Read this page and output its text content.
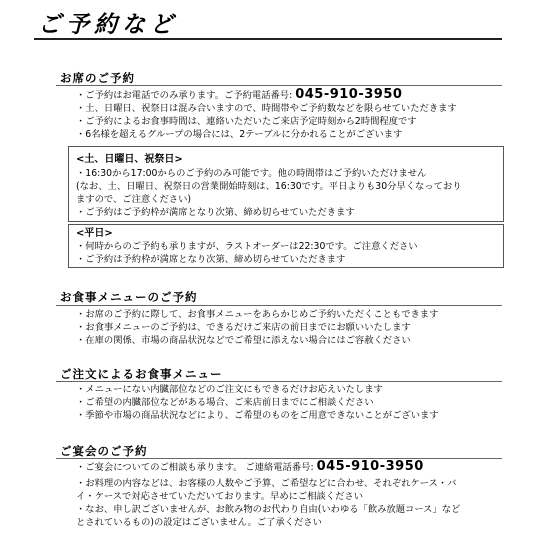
ご予約など
お席のご予約
・ご予約はお電話でのみ承ります。ご予約電話番号: 045-910-3950
・土、日曜日、祝祭日は混み合いますので、時間帯やご予約数などを限らせていただきます
・ご予約によるお食事時間は、連絡いただいたご来店予定時刻から2時間程度です
・6名様を超えるグループの場合には、2テーブルに分かれることがございます
<土、日曜日、祝祭日>
・16:30から17:00からのご予約のみ可能です。他の時間帯はご予約いただけません
(なお、土、日曜日、祝祭日の営業開始時刻は、16:30です。平日よりも30分早くなっており
ますので、ご注意ください)
・ご予約はご予約枠が満席となり次第、締め切らせていただきます
<平日>
・何時からのご予約も承りますが、ラストオーダーは22:30です。ご注意ください
・ご予約は予約枠が満席となり次第、締め切らせていただきます
お食事メニューのご予約
・お席のご予約に際して、お食事メニューをあらかじめご予約いただくこともできます
・お食事メニューのご予約は、できるだけご来店の前日までにお願いいたします
・在庫の関係、市場の商品状況などでご希望に添えない場合にはご容赦ください
ご注文によるお食事メニュー
・メニューにない内臓部位などのご注文にもできるだけお応えいたします
・ご希望の内臓部位などがある場合、ご来店前日までにご相談ください
・季節や市場の商品状況などにより、ご希望のものをご用意できないことがございます
ご宴会のご予約
・ご宴会についてのご相談も承ります。 ご連絡電話番号: 045-910-3950
・お料理の内容などは、お客様の人数やご予算、ご希望などに合わせ、それぞれケース・バ
イ・ケースで対応させていただいております。早めにご相談ください
・なお、申し訳ございませんが、お飲み物のお代わり自由(いわゆる「飲み放題コース」など
とされているもの)の設定はございません。ご了承ください
